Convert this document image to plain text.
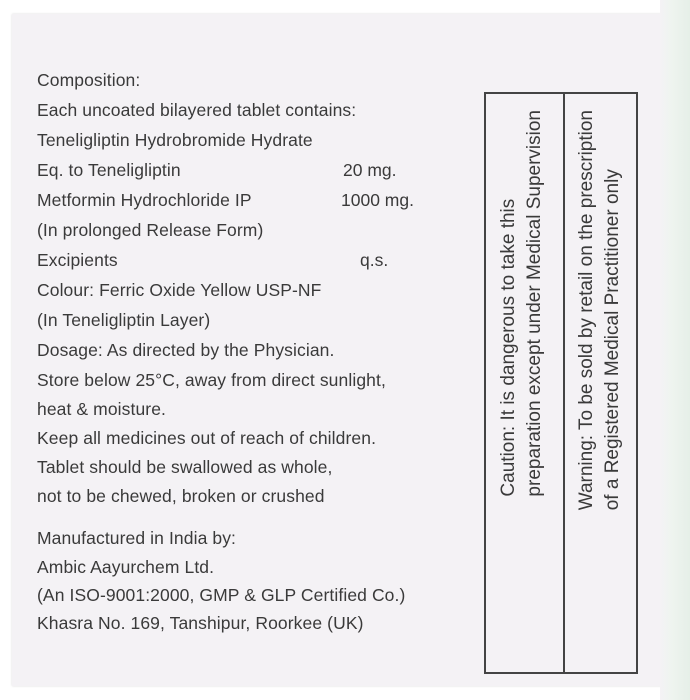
Composition:
Each uncoated bilayered tablet contains:
Teneligliptin Hydrobromide Hydrate
Eq. to Teneligliptin	20 mg.
Metformin Hydrochloride IP	1000 mg.
(In prolonged Release Form)
Excipients	q.s.
Colour: Ferric Oxide Yellow USP-NF
(In Teneligliptin Layer)
Dosage: As directed by the Physician.
Store below 25°C, away from direct sunlight,
heat & moisture.
Keep all medicines out of reach of children.
Tablet should be swallowed as whole,
not to be chewed, broken or crushed
Manufactured in India by:
Ambic Aayurchem Ltd.
(An ISO-9001:2000, GMP & GLP Certified Co.)
Khasra No. 169, Tanshipur, Roorkee (UK)
Caution: It is dangerous to take this preparation except under Medical Supervision Warning: To be sold by retail on the prescription of a Registered Medical Practitioner only
